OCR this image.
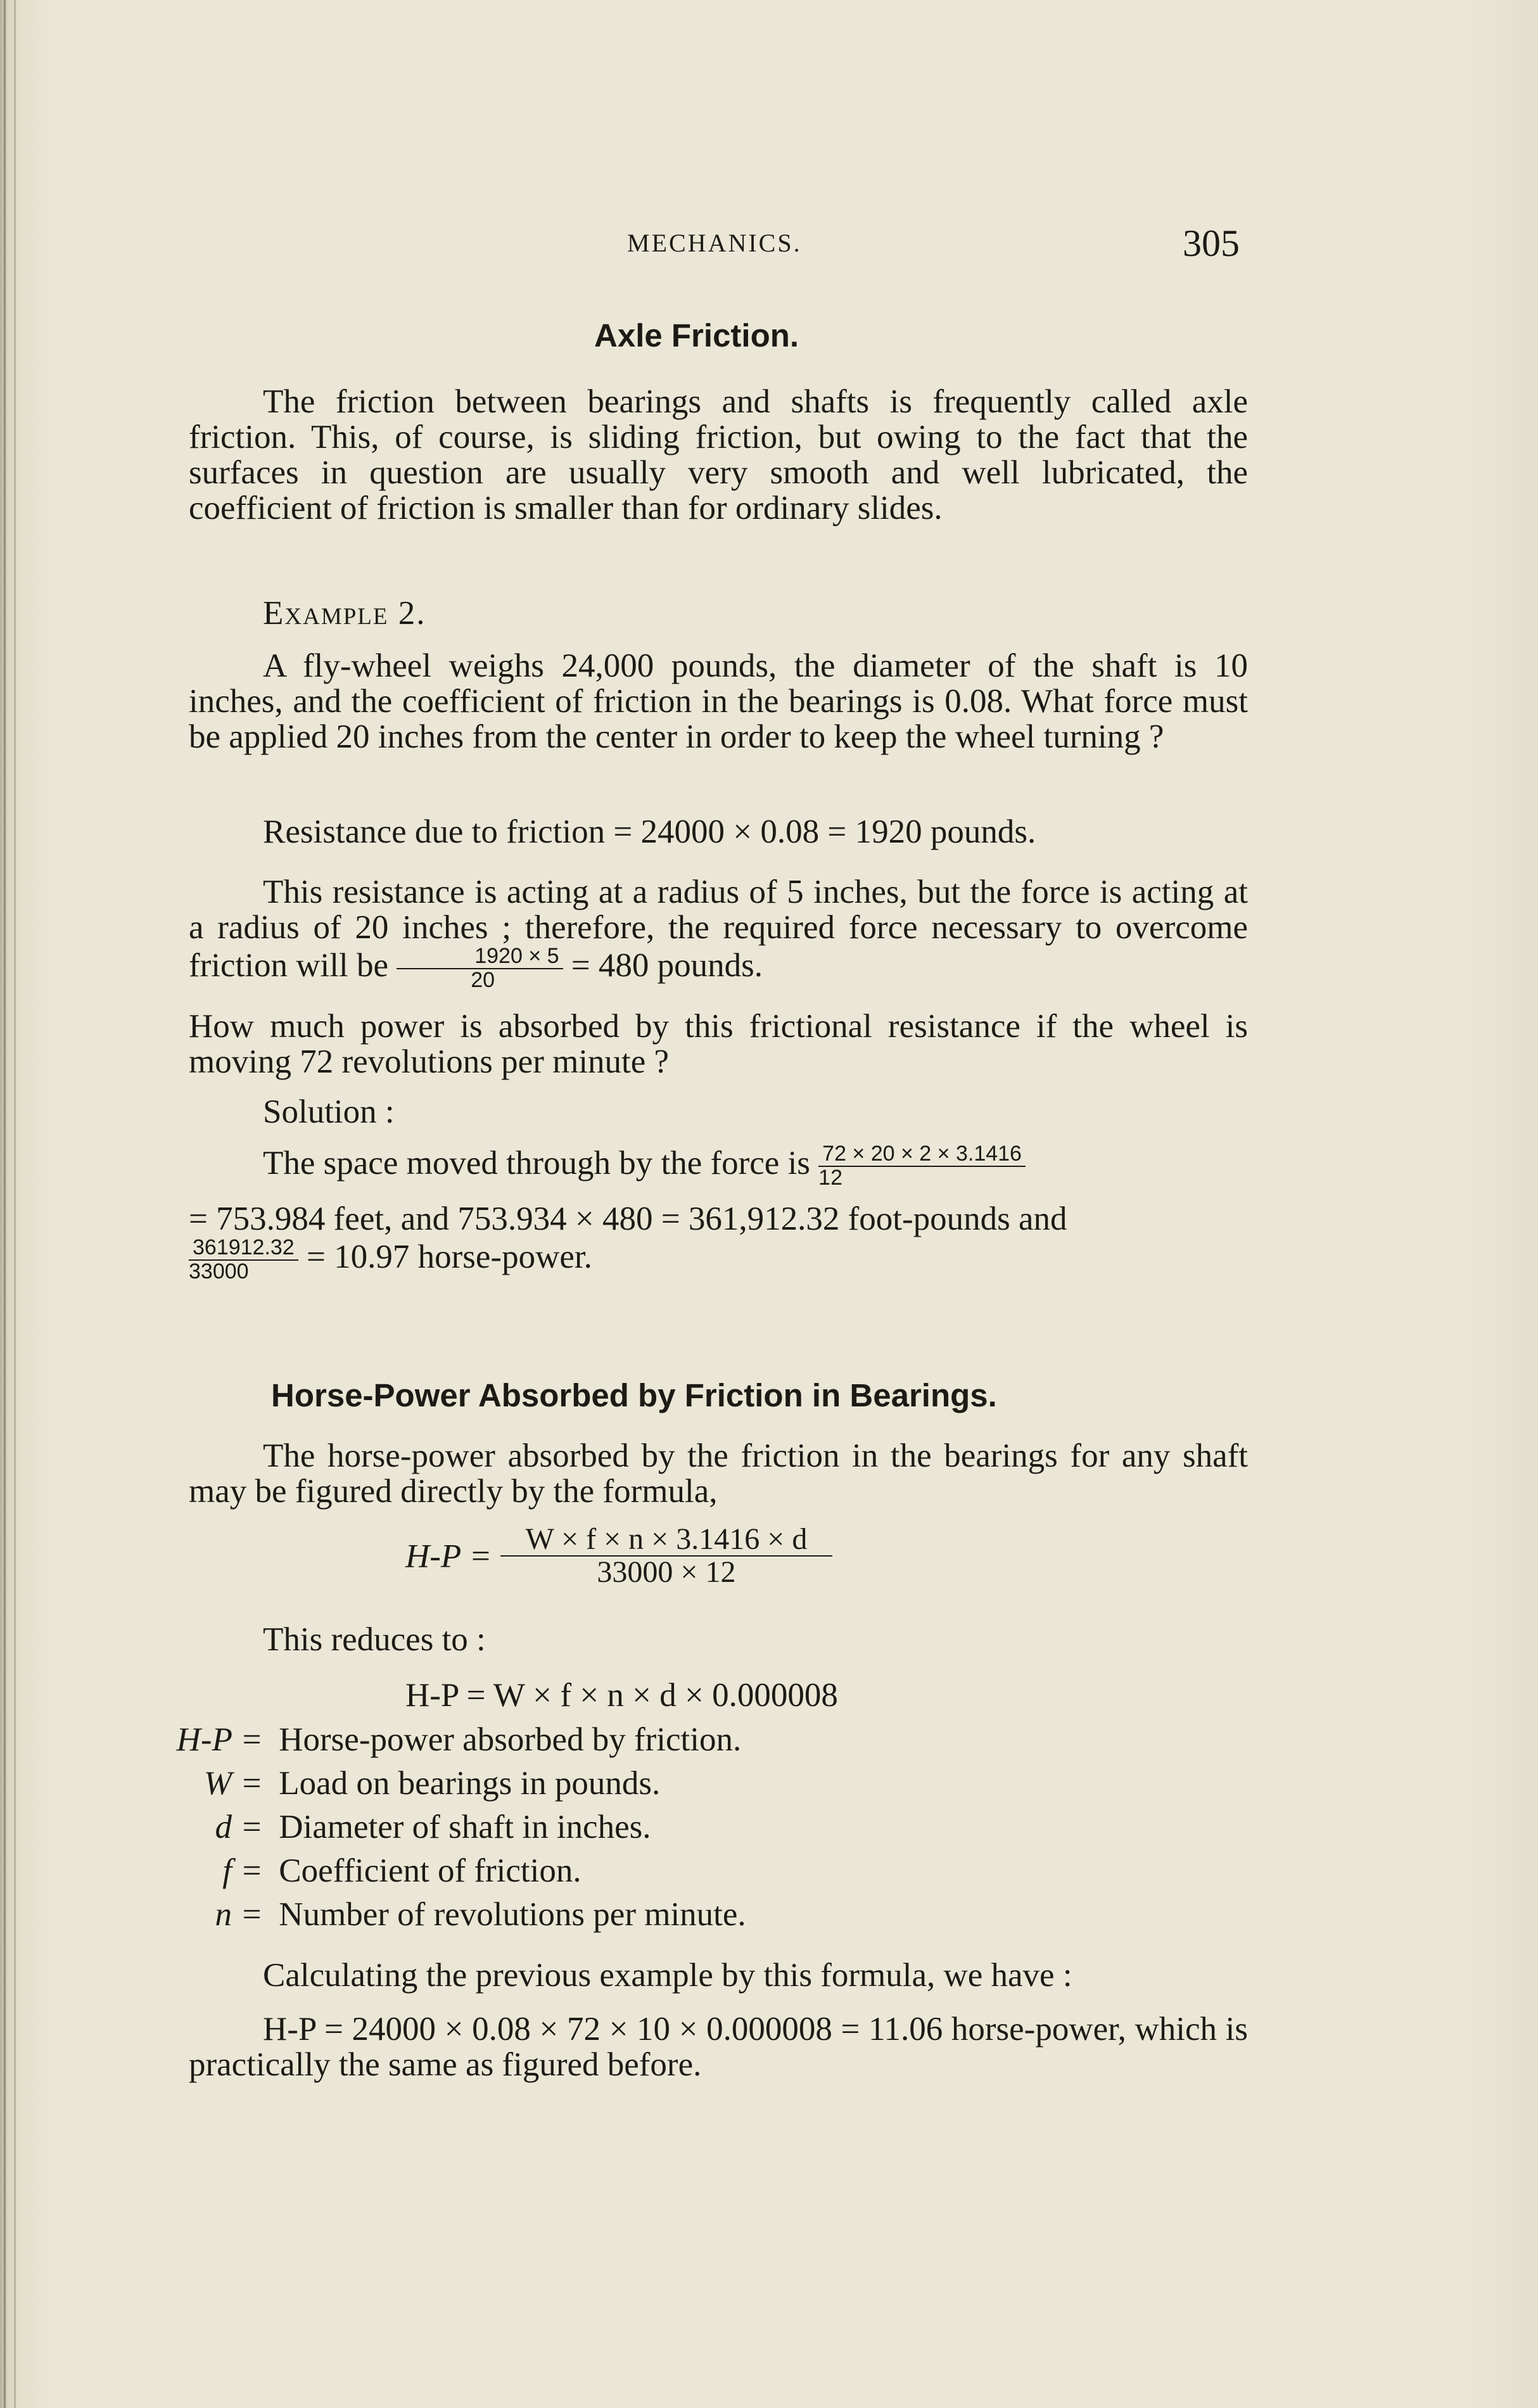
MECHANICS.	305
Axle Friction.
The friction between bearings and shafts is frequently called axle friction. This, of course, is sliding friction, but owing to the fact that the surfaces in question are usually very smooth and well lubricated, the coefficient of friction is smaller than for ordinary slides.
Example 2.
A fly-wheel weighs 24,000 pounds, the diameter of the shaft is 10 inches, and the coefficient of friction in the bearings is 0.08. What force must be applied 20 inches from the center in order to keep the wheel turning ?
Resistance due to friction = 24000 × 0.08 = 1920 pounds.
This resistance is acting at a radius of 5 inches, but the force is acting at a radius of 20 inches ; therefore, the required force necessary to overcome friction will be $\frac{1920 \times 5}{20} = 480$ pounds.
How much power is absorbed by this frictional resistance if the wheel is moving 72 revolutions per minute ?
Solution :
The space moved through by the force is $\frac{72 \times 20 \times 2 \times 3.1416}{12}$
= 753.984 feet, and 753.934 × 480 = 361,912.32 foot-pounds and
$\frac{361912.32}{33000} = 10.97$ horse-power.
Horse-Power Absorbed by Friction in Bearings.
The horse-power absorbed by the friction in the bearings for any shaft may be figured directly by the formula,
$H-P = \frac{W \times f \times n \times 3.1416 \times d}{33000 \times 12}$
This reduces to :
H-P = W × f × n × d × 0.000008
H-P = Horse-power absorbed by friction.
W = Load on bearings in pounds.
d = Diameter of shaft in inches.
f = Coefficient of friction.
n = Number of revolutions per minute.
Calculating the previous example by this formula, we have :
H-P = 24000 × 0.08 × 72 × 10 × 0.000008 = 11.06 horse-power, which is practically the same as figured before.
